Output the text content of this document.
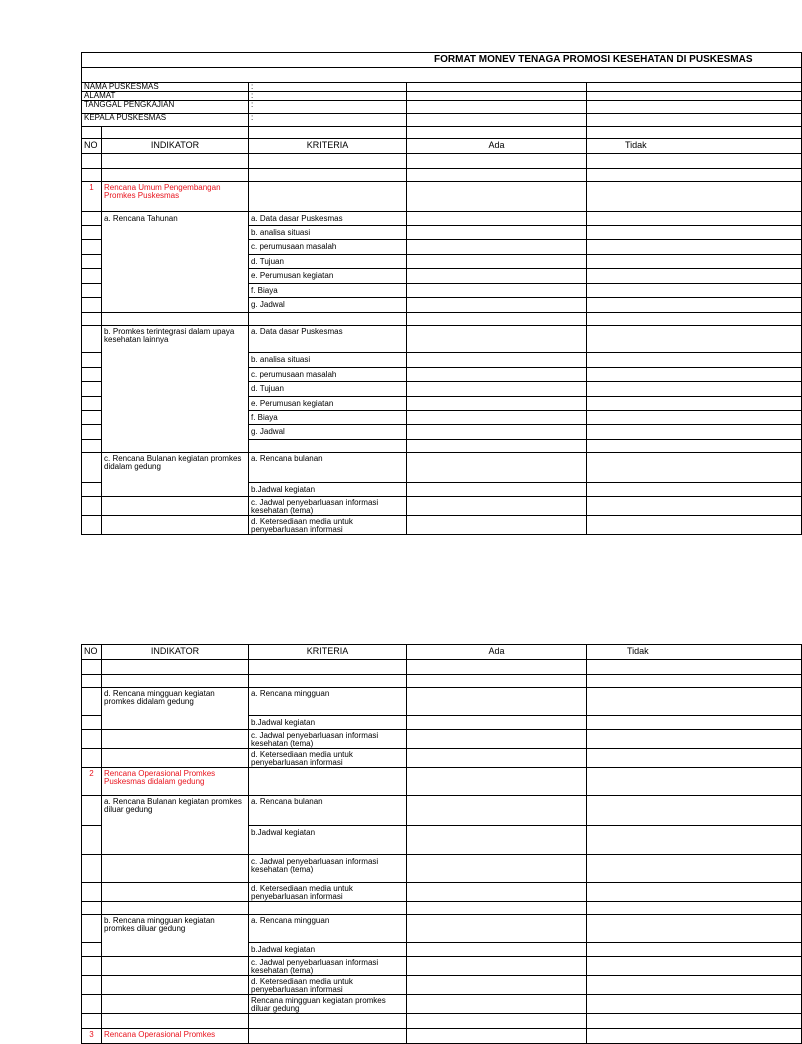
FORMAT MONEV TENAGA PROMOSI KESEHATAN DI PUSKESMAS				

NAMA PUSKESMAS		:		
ALAMAT		:		
TANGGAL PENGKAJIAN		:		
KEPALA PUSKESMAS		:		

NO	INDIKATOR	KRITERIA	Ada	Tidak

1	Rencana Umum Pengembangan Promkes Puskesmas			
	a. Rencana Tahunan	a. Data dasar Puskesmas		
		b. analisa situasi		
		c. perumusaan masalah		
		d. Tujuan		
		e. Perumusan kegiatan		
		f. Biaya		
		g. Jadwal		

	b. Promkes terintegrasi dalam upaya kesehatan lainnya	a. Data dasar Puskesmas		
		b. analisa situasi		
		c. perumusaan masalah		
		d. Tujuan		
		e. Perumusan kegiatan		
		f. Biaya		
		g. Jadwal		

	c. Rencana Bulanan kegiatan promkes didalam gedung	a. Rencana bulanan		
		b.Jadwal kegiatan		
		c. Jadwal penyebarluasan informasi kesehatan (tema)		
		d. Ketersediaan media untuk penyebarluasan informasi		
NO	INDIKATOR	KRITERIA	Ada	Tidak

	d. Rencana mingguan kegiatan promkes didalam gedung	a. Rencana mingguan		
		b.Jadwal kegiatan		
		c. Jadwal penyebarluasan informasi kesehatan (tema)		
		d. Ketersediaan media untuk penyebarluasan informasi		
2	Rencana Operasional Promkes Puskesmas didalam gedung			
	a. Rencana Bulanan kegiatan promkes diluar gedung	a. Rencana bulanan		
		b.Jadwal kegiatan		
		c. Jadwal penyebarluasan informasi kesehatan (tema)		
		d. Ketersediaan media untuk penyebarluasan informasi		

	b. Rencana mingguan kegiatan promkes diluar gedung	a. Rencana mingguan		
		b.Jadwal kegiatan		
		c. Jadwal penyebarluasan informasi kesehatan (tema)		
		d. Ketersediaan media untuk penyebarluasan informasi		
		Rencana mingguan kegiatan promkes diluar gedung		

3	Rencana Operasional Promkes			
